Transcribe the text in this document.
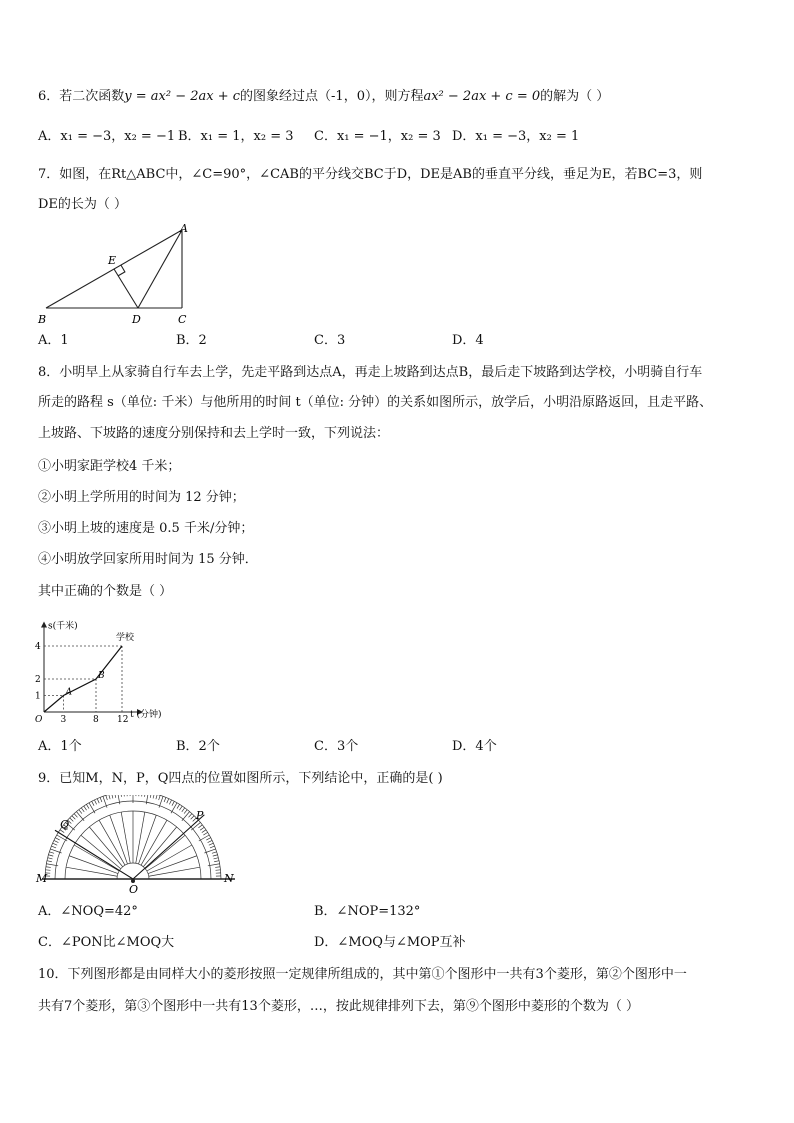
6．若二次函数y = ax² − 2ax + c的图象经过点（-1，0），则方程ax² − 2ax + c = 0的解为（ ）
A．x₁ = −3，x₂ = −1 B．x₁ = 1，x₂ = 3 C．x₁ = −1，x₂ = 3 D．x₁ = −3，x₂ = 1
7．如图，在Rt△ABC中，∠C=90°，∠CAB的平分线交BC于D，DE是AB的垂直平分线，垂足为E，若BC=3，则
DE的长为（ ）
A
E
B	D	C
A．1	B．2	C．3	D．4
8．小明早上从家骑自行车去上学，先走平路到达点A，再走上坡路到达点B，最后走下坡路到达学校，小明骑自行车
所走的路程 s（单位: 千米）与他所用的时间 t（单位: 分钟）的关系如图所示，放学后，小明沿原路返回，且走平路、
上坡路、下坡路的速度分别保持和去上学时一致，下列说法：
①小明家距学校4 千米；
②小明上学所用的时间为 12 分钟；
③小明上坡的速度是 0.5 千米/分钟；
④小明放学回家所用时间为 15 分钟．
其中正确的个数是（ ）
s(千米)
t (分钟)
O 3	8 12
1
2
4
A
B
学校
A．1个	B．2个	C．3个	D．4个
9．已知M，N，P，Q四点的位置如图所示，下列结论中，正确的是( )
Q
P
M	N
O
A．∠NOQ=42°	B．∠NOP=132°
C．∠PON比∠MOQ大	D．∠MOQ与∠MOP互补
10．下列图形都是由同样大小的菱形按照一定规律所组成的，其中第①个图形中一共有3个菱形，第②个图形中一
共有7个菱形，第③个图形中一共有13个菱形，…，按此规律排列下去，第⑨个图形中菱形的个数为（ ）
